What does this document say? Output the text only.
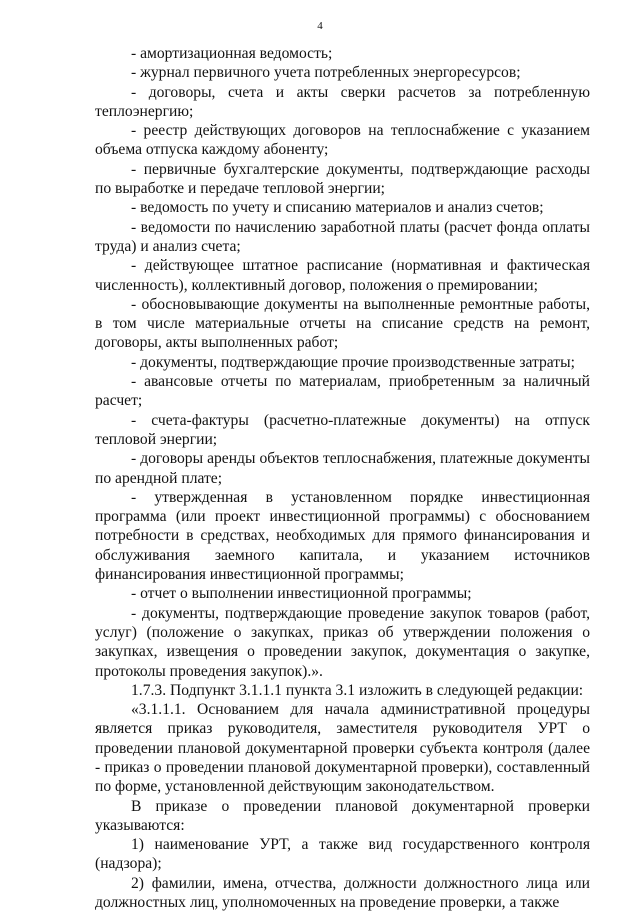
4

- амортизационная ведомость;

- журнал первичного учета потребленных энергоресурсов;

- договоры, счета и акты сверки расчетов за потребленную теплоэнергию;

- реестр действующих договоров на теплоснабжение с указанием объема отпуска каждому абоненту;

- первичные бухгалтерские документы, подтверждающие расходы по выработке и передаче тепловой энергии;

- ведомость по учету и списанию материалов и анализ счетов;

- ведомости по начислению заработной платы (расчет фонда оплаты труда) и анализ счета;

- действующее штатное расписание (нормативная и фактическая численность), коллективный договор, положения о премировании;

- обосновывающие документы на выполненные ремонтные работы, в том числе материальные отчеты на списание средств на ремонт, договоры, акты выполненных работ;

- документы, подтверждающие прочие производственные затраты;

- авансовые отчеты по материалам, приобретенным за наличный расчет;

- счета-фактуры (расчетно-платежные документы) на отпуск тепловой энергии;

- договоры аренды объектов теплоснабжения, платежные документы по арендной плате;

- утвержденная в установленном порядке инвестиционная программа (или проект инвестиционной программы) с обоснованием потребности в средствах, необходимых для прямого финансирования и обслуживания заемного капитала, и указанием источников финансирования инвестиционной программы;

- отчет о выполнении инвестиционной программы;

- документы, подтверждающие проведение закупок товаров (работ, услуг) (положение о закупках, приказ об утверждении положения о закупках, извещения о проведении закупок, документация о закупке, протоколы проведения закупок).».

1.7.3. Подпункт 3.1.1.1 пункта 3.1 изложить в следующей редакции:

«3.1.1.1. Основанием для начала административной процедуры является приказ руководителя, заместителя руководителя УРТ о проведении плановой документарной проверки субъекта контроля (далее - приказ о проведении плановой документарной проверки), составленный по форме, установленной действующим законодательством.

В приказе о проведении плановой документарной проверки указываются:

1) наименование УРТ, а также вид государственного контроля (надзора);

2) фамилии, имена, отчества, должности должностного лица или должностных лиц, уполномоченных на проведение проверки, а также
